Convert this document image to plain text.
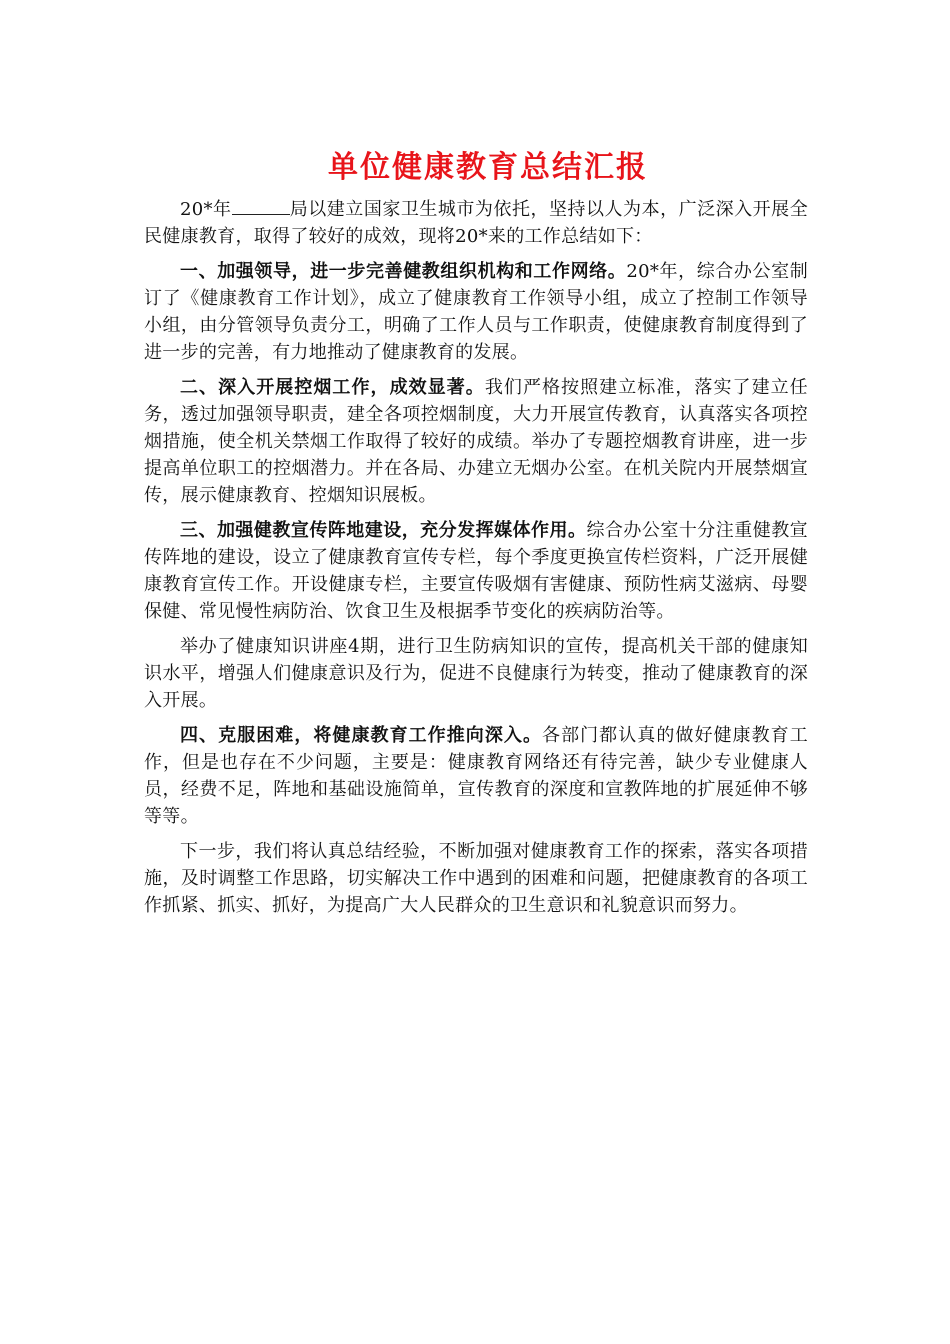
单位健康教育总结汇报

20*年	局以建立国家卫生城市为依托，坚持以人为本，广泛深入开展全民健康教育，取得了较好的成效，现将20*来的工作总结如下：

一、加强领导，进一步完善健教组织机构和工作网络。20*年，综合办公室制订了《健康教育工作计划》，成立了健康教育工作领导小组，成立了控制工作领导小组，由分管领导负责分工，明确了工作人员与工作职责，使健康教育制度得到了进一步的完善，有力地推动了健康教育的发展。

二、深入开展控烟工作，成效显著。我们严格按照建立标准，落实了建立任务，透过加强领导职责，建全各项控烟制度，大力开展宣传教育，认真落实各项控烟措施，使全机关禁烟工作取得了较好的成绩。举办了专题控烟教育讲座，进一步提高单位职工的控烟潜力。并在各局、办建立无烟办公室。在机关院内开展禁烟宣传，展示健康教育、控烟知识展板。

三、加强健教宣传阵地建设，充分发挥媒体作用。综合办公室十分注重健教宣传阵地的建设，设立了健康教育宣传专栏，每个季度更换宣传栏资料，广泛开展健康教育宣传工作。开设健康专栏，主要宣传吸烟有害健康、预防性病艾滋病、母婴保健、常见慢性病防治、饮食卫生及根据季节变化的疾病防治等。

举办了健康知识讲座4期，进行卫生防病知识的宣传，提高机关干部的健康知识水平，增强人们健康意识及行为，促进不良健康行为转变，推动了健康教育的深入开展。

四、克服困难，将健康教育工作推向深入。各部门都认真的做好健康教育工作，但是也存在不少问题，主要是：健康教育网络还有待完善，缺少专业健康人员，经费不足，阵地和基础设施简单，宣传教育的深度和宣教阵地的扩展延伸不够等等。

下一步，我们将认真总结经验，不断加强对健康教育工作的探索，落实各项措施，及时调整工作思路，切实解决工作中遇到的困难和问题，把健康教育的各项工作抓紧、抓实、抓好，为提高广大人民群众的卫生意识和礼貌意识而努力。
